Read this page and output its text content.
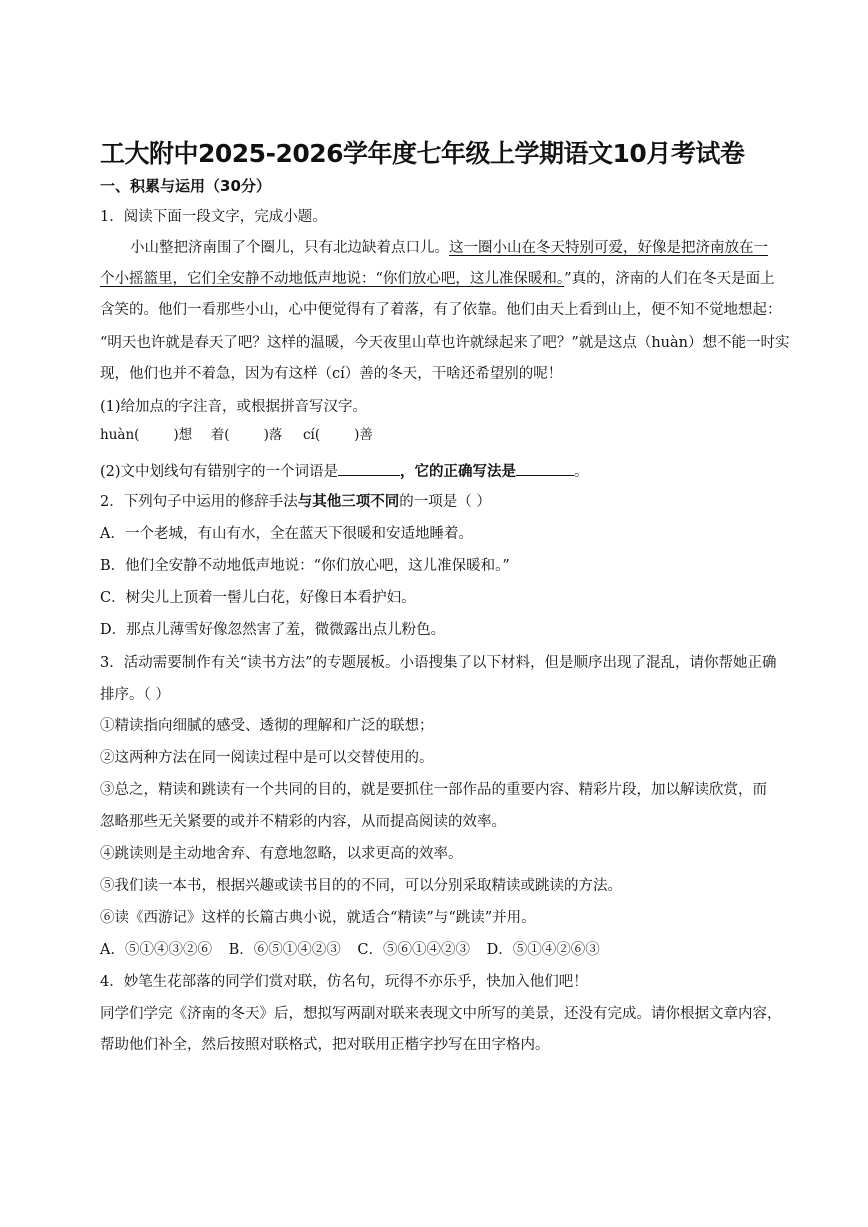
工大附中2025-2026学年度七年级上学期语文10月考试卷
一、积累与运用（30分）
1．阅读下面一段文字，完成小题。
小山整把济南围了个圈儿，只有北边缺着点口儿。这一圈小山在冬天特别可爱，好像是把济南放在一
个小摇篮里，它们全安静不动地低声地说：“你们放心吧，这儿准保暖和。”真的，济南的人们在冬天是面上
含笑的。他们一看那些小山，心中便觉得有了着落，有了依靠。他们由天上看到山上，便不知不觉地想起：
“明天也许就是春天了吧？这样的温暖，今天夜里山草也许就绿起来了吧？”就是这点（huàn）想不能一时实
现，他们也并不着急，因为有这样（cí）善的冬天，干啥还希望别的呢！
(1)给加点的字注音，或根据拼音写汉字。
huàn(	)想 着(	)落 cí(	)善
(2)文中划线句有错别字的一个词语是	，它的正确写法是	。
2．下列句子中运用的修辞手法与其他三项不同的一项是（ ）
A．一个老城，有山有水，全在蓝天下很暖和安适地睡着。
B．他们全安静不动地低声地说：“你们放心吧，这儿准保暖和。”
C．树尖儿上顶着一髻儿白花，好像日本看护妇。
D．那点儿薄雪好像忽然害了羞，微微露出点儿粉色。
3．活动需要制作有关“读书方法”的专题展板。小语搜集了以下材料，但是顺序出现了混乱，请你帮她正确
排序。（ ）
①精读指向细腻的感受、透彻的理解和广泛的联想；
②这两种方法在同一阅读过程中是可以交替使用的。
③总之，精读和跳读有一个共同的目的，就是要抓住一部作品的重要内容、精彩片段，加以解读欣赏，而
忽略那些无关紧要的或并不精彩的内容，从而提高阅读的效率。
④跳读则是主动地舍弃、有意地忽略，以求更高的效率。
⑤我们读一本书，根据兴趣或读书目的的不同，可以分别采取精读或跳读的方法。
⑥读《西游记》这样的长篇古典小说，就适合“精读”与“跳读”并用。
A．⑤①④③②⑥ B．⑥⑤①④②③ C．⑤⑥①④②③ D．⑤①④②⑥③
4．妙笔生花部落的同学们赏对联，仿名句，玩得不亦乐乎，快加入他们吧！
同学们学完《济南的冬天》后，想拟写两副对联来表现文中所写的美景，还没有完成。请你根据文章内容，
帮助他们补全，然后按照对联格式，把对联用正楷字抄写在田字格内。
